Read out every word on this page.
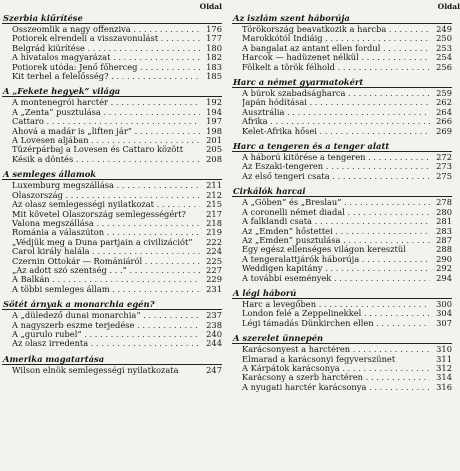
Oldal
Szerbia kiűrítése
Összeomlik a nagy offenziva . . .	176
Potiorek elrendeli a visszavonulást . . .	177
Belgrád kiürítése . . .	180
A hivatalos magyarázat . . .	182
Potiorek utóda: Jenő főherceg . . .	183
Kit terhel a felelősség? . . .	185
A „Fekete hegyek” világa
A montenegrói harctér . . .	192
A „Zenta” pusztulása . . .	194
Cattaro . . .	197
Ahová a madár is „liften jár” . . .	198
A Lovesen aljában . . .	201
Tüzérpárbaj a Lovesen és Cattaro között	205
Késik a döntés . . .	208
A semleges államok
Luxemburg megszállása . . .	211
Olaszország . . .	212
Az olasz semlegességi nyilatkozat . . .	215
Mit követel Olaszország semlegességért?	217
Valona megszállása . . .	218
Románia a válaszúton . . .	219
„Védjük meg a Duna partjain a civilizációt”	222
Carol király halála . . .	224
Czernin Ottokár — Romániáról . . .	225
„Az adott szó szentség . . .” . . .	227
A Balkán . . .	229
A többi semleges állam . . .	231
Sötét árnyak a monarchia egén?
A „düledező dunai monarchia” . . .	237
A nagyszerb eszme terjedése . . .	238
A „gurulo rubel” . . .	240
Az olasz irredenta . . .	244
Amerika magatartása
Wilson elnök semlegességi nyilatkozata	247
Oldal
Az iszlám szent háborúja
Törökország beavatkozik a harcba . . .	249
Marokkótól Indiáig . . .	250
A bangalat az antant ellen fordul . . .	253
Harcok — hadüzenet nélkül . . .	254
Fölkelt a török félhold . . .	256
Harc a német gyarmatokért
A búrok szabadságharca . . .	259
Japán hódításai . . .	262
Ausztrália . . .	264
Afrika . . .	266
Kelet-Afrika hősei . . .	269
Harc a tengeren és a tenger alatt
A háború kitörése a tengeren . . .	272
Az Északi-tengeren . . .	273
Az első tengeri csata . . .	275
Cirkálók harcai
A „Göben” és „Breslau” . . .	278
A coronelli német diadal . . .	280
A falklandi csata . . .	281
Az „Emden” hőstettei . . .	283
Az „Emden” pusztulása . . .	287
Egy egész ellenséges világon keresztül	288
A tengeralattjárók háborúja . . .	290
Weddigen kapitány . . .	292
A további események . . .	294
A légi háború
Harc a levegőben . . .	300
London felé a Zeppelinekkel . . .	304
Légi támadás Dünkirchen ellen . . .	307
A szerelet ünnepén
Karácsonyest a harctéren . . .	310
Elmarad a karácsonyi fegyverszünet	311
A Kárpátok karácsonya . . .	312
Karácsony a szerb harctéren . . .	314
A nyugati harctér karácsonya . . .	316
